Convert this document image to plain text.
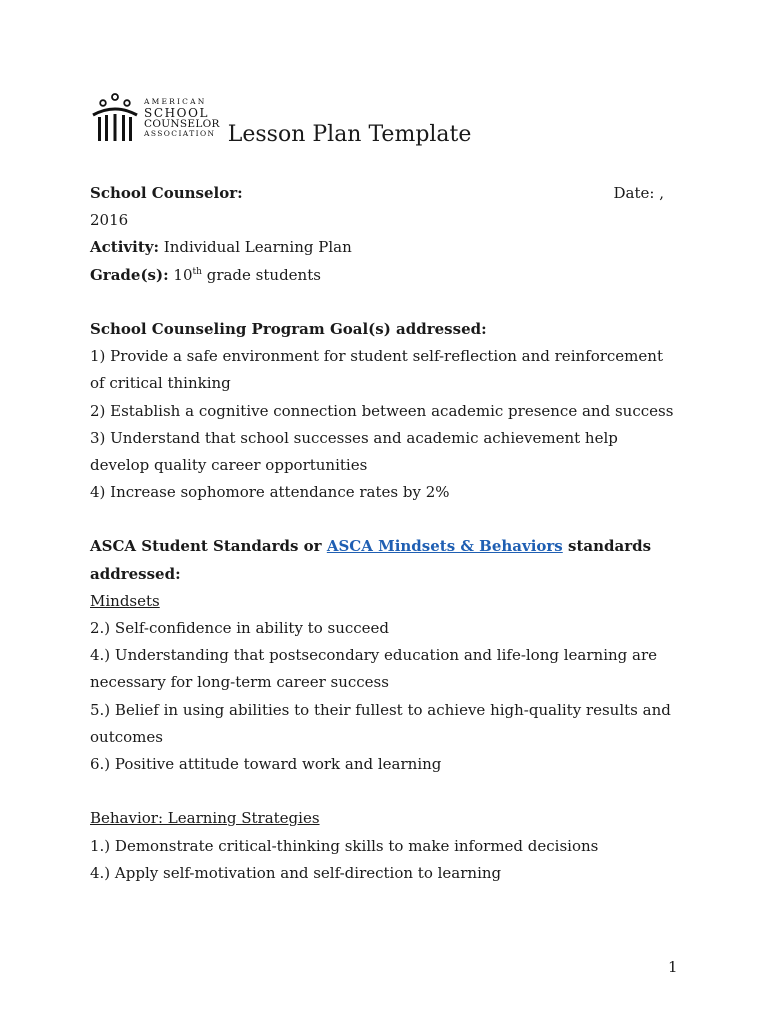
AMERICAN
SCHOOL
COUNSELOR
ASSOCIATION Lesson Plan Template
School Counselor:	Date: ,
2016
Activity: Individual Learning Plan
Grade(s): 10th grade students
School Counseling Program Goal(s) addressed:
1) Provide a safe environment for student self-reflection and reinforcement
of critical thinking
2) Establish a cognitive connection between academic presence and success
3) Understand that school successes and academic achievement help
develop quality career opportunities
4) Increase sophomore attendance rates by 2%
ASCA Student Standards or ASCA Mindsets & Behaviors standards
addressed:
Mindsets
2.) Self-confidence in ability to succeed
4.) Understanding that postsecondary education and life-long learning are
necessary for long-term career success
5.) Belief in using abilities to their fullest to achieve high-quality results and
outcomes
6.) Positive attitude toward work and learning
Behavior: Learning Strategies
1.) Demonstrate critical-thinking skills to make informed decisions
4.) Apply self-motivation and self-direction to learning
1
